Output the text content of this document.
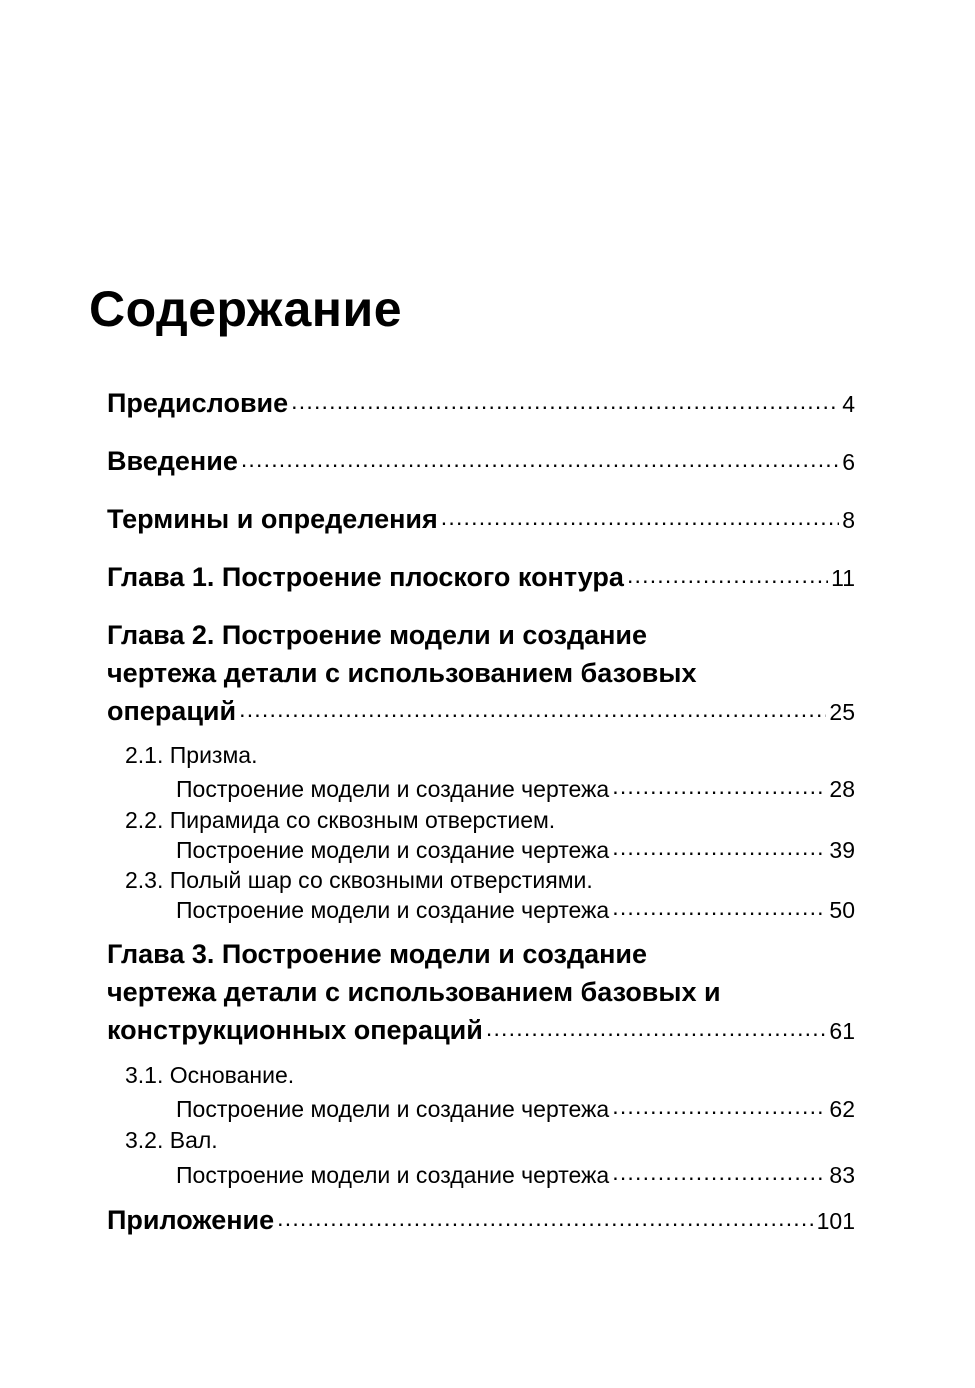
Содержание
Предисловие .....	4
Введение .....	6
Термины и определения .....	8
Глава 1. Построение плоского контура .....	11
Глава 2. Построение модели и создание
чертежа детали с использованием базовых
операций .....	25
2.1. Призма.
Построение модели и создание чертежа .....	28
2.2. Пирамида со сквозным отверстием.
Построение модели и создание чертежа .....	39
2.3. Полый шар со сквозными отверстиями.
Построение модели и создание чертежа .....	50
Глава 3. Построение модели и создание
чертежа детали с использованием базовых и
конструкционных операций .....	61
3.1. Основание.
Построение модели и создание чертежа .....	62
3.2. Вал.
Построение модели и создание чертежа .....	83
Приложение .....	101
